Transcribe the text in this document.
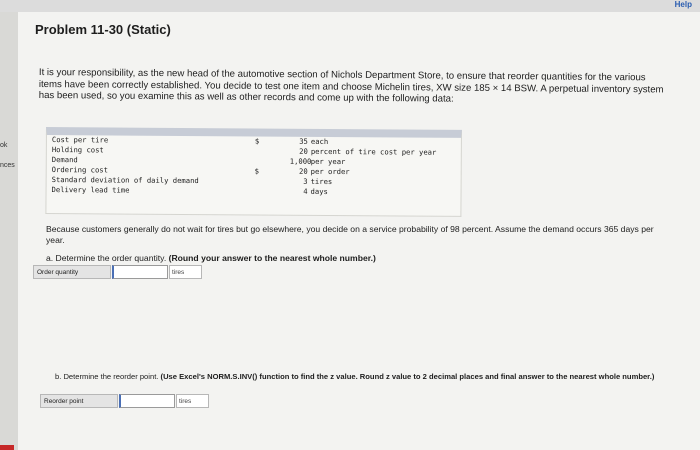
Help
ok
nces
Problem 11-30 (Static)

It is your responsibility, as the new head of the automotive section of Nichols Department Store, to ensure that reorder quantities for the various items have been correctly established. You decide to test one item and choose Michelin tires, XW size 185 × 14 BSW. A perpetual inventory system has been used, so you examine this as well as other records and come up with the following data:

Cost per tire	$	35 each
Holding cost	20 percent of tire cost per year
Demand	1,000 per year
Ordering cost	$	20 per order
Standard deviation of daily demand	3 tires
Delivery lead time	4 days

Because customers generally do not wait for tires but go elsewhere, you decide on a service probability of 98 percent. Assume the demand occurs 365 days per year.

a. Determine the order quantity. (Round your answer to the nearest whole number.)

b. Determine the reorder point. (Use Excel's NORM.S.INV() function to find the z value. Round z value to 2 decimal places and final answer to the nearest whole number.)

Order quantity	tires
Reorder point	tires
